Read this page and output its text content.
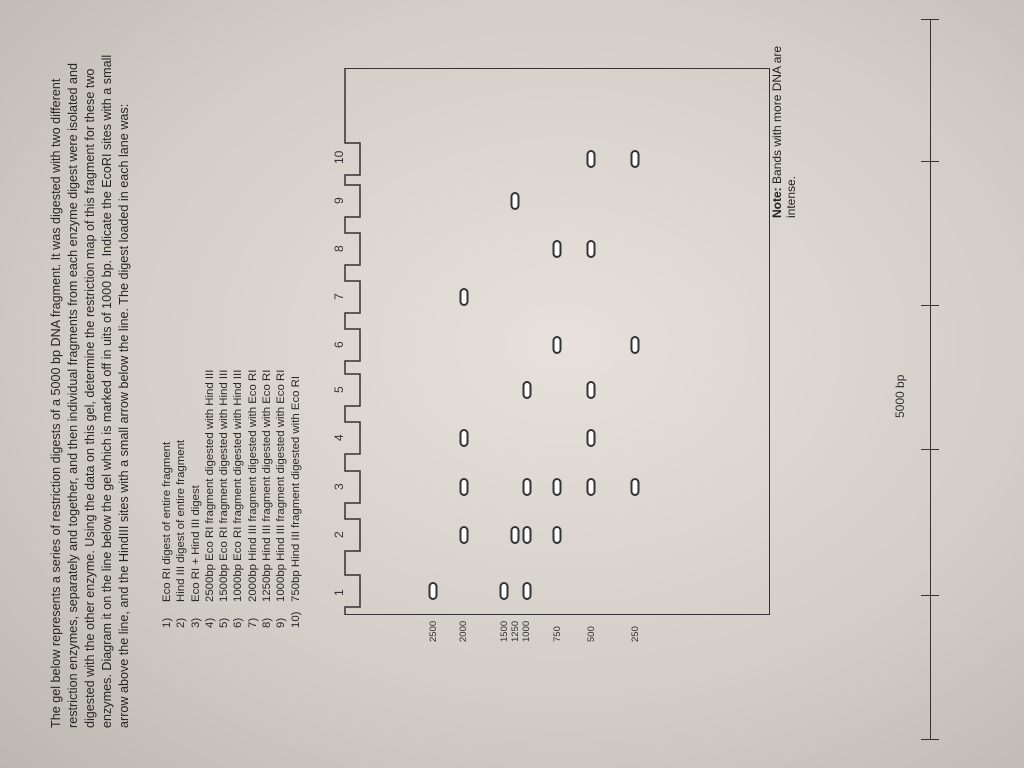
The gel below represents a series of restriction digests of a 5000 bp DNA fragment. It was digested with two different restriction enzymes, separately and together, and then individual fragments from each enzyme digest were isolated and digested with the other enzyme. Using the data on this gel, determine the restriction map of this fragment for these two enzymes. Diagram it on the line below the gel which is marked off in uits of 1000 bp. Indicate the EcoRI sites with a small arrow above the line, and the HindIII sites with a small arrow below the line. The digest loaded in each lane was:	1)
Eco RI digest of entire fragment
2)
Hind III digest of entire fragment
3)
Eco RI + Hind III digest
4)
2500bp Eco RI fragment digested with Hind III
5)
1500bp Eco RI fragment digested with Hind III
6)
1000bp Eco RI fragment digested with Hind III
7)
2000bp Hind III fragment digested with Eco RI
8)
1250bp Hind III fragment digested with Eco RI
9)
1000bp Hind III fragment digested with Eco RI
10)
750bp Hind III fragment digested with Eco RI	1
2
3
4
5
6
7
8
9
10
2500 2000	1500 1250 1000 750 500	250
Note: Bands with more DNA are intense.
5000 bp
